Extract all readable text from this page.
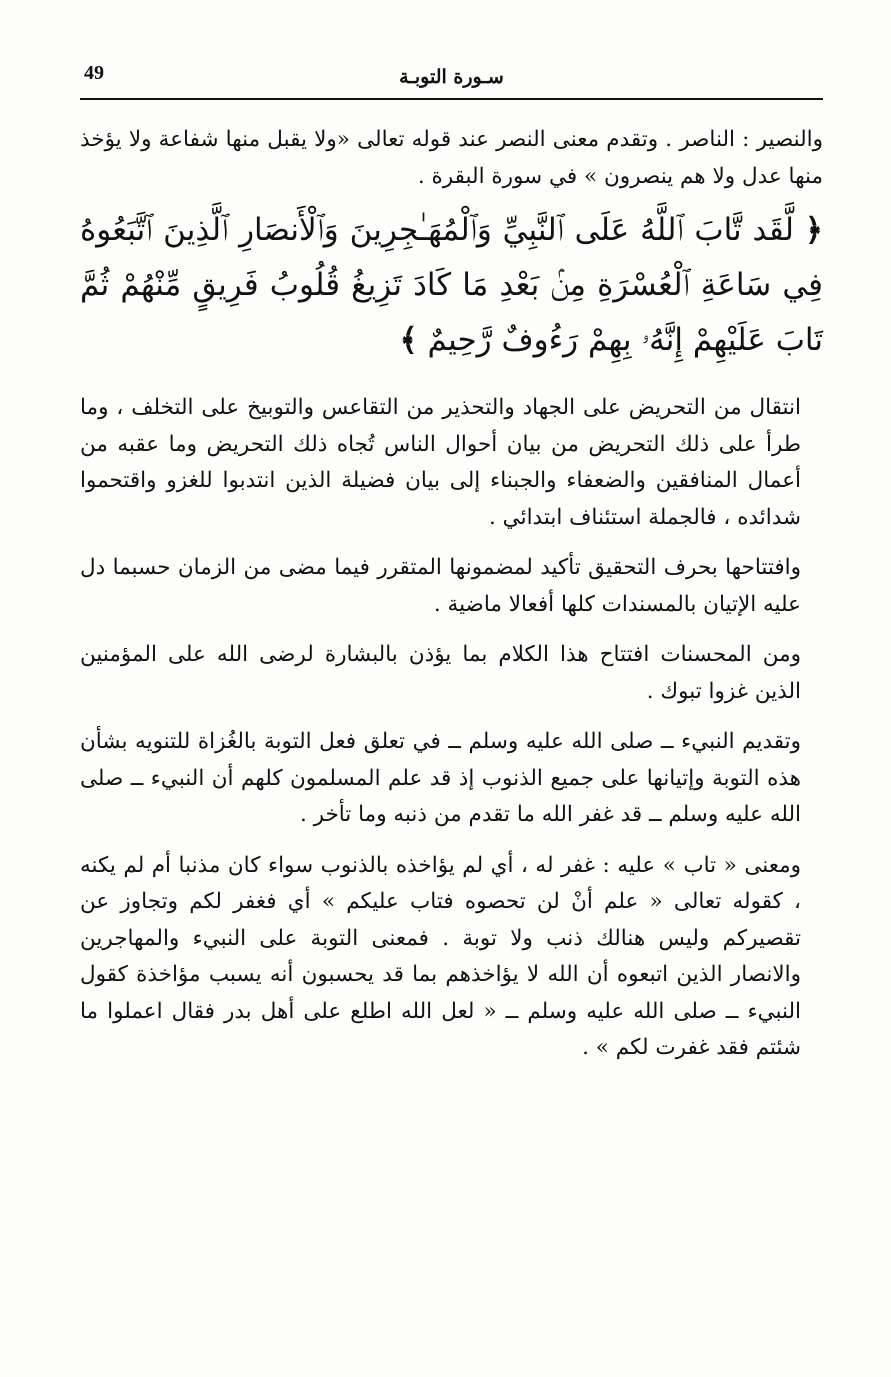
49	سـورة التوبـة

والنصير : الناصر . وتقدم معنى النصر عند قوله تعالى «ولا يقبل منها شفاعة ولا يؤخذ منها عدل ولا هم ينصرون » في سورة البقرة .

﴿ لَّقَد تَّابَ ٱللَّهُ عَلَى ٱلنَّبِيِّ وَٱلْمُهَـٰجِرِينَ وَٱلْأَنصَارِ ٱلَّذِينَ ٱتَّبَعُوهُ فِي سَاعَةِ ٱلْعُسْرَةِ مِنۢ بَعْدِ مَا كَادَ تَزِيغُ قُلُوبُ فَرِيقٍ مِّنْهُمْ ثُمَّ تَابَ عَلَيْهِمْ إِنَّهُۥ بِهِمْ رَءُوفٌ رَّحِيمٌ ﴾

انتقال من التحريض على الجهاد والتحذير من التقاعس والتوبيخ على التخلف ، وما طرأ على ذلك التحريض من بيان أحوال الناس تُجاه ذلك التحريض وما عقبه من أعمال المنافقين والضعفاء والجبناء إلى بيان فضيلة الذين انتدبوا للغزو واقتحموا شدائده ، فالجملة استئناف ابتدائي .

وافتتاحها بحرف التحقيق تأكيد لمضمونها المتقرر فيما مضى من الزمان حسبما دل عليه الإتيان بالمسندات كلها أفعالا ماضية .

ومن المحسنات افتتاح هذا الكلام بما يؤذن بالبشارة لرضى الله على المؤمنين الذين غزوا تبوك .

وتقديم النبيء ــ صلى الله عليه وسلم ــ في تعلق فعل التوبة بالغُزاة للتنويه بشأن هذه التوبة وإتيانها على جميع الذنوب إذ قد علم المسلمون كلهم أن النبيء ــ صلى الله عليه وسلم ــ قد غفر الله ما تقدم من ذنبه وما تأخر .

ومعنى « تاب » عليه : غفر له ، أي لم يؤاخذه بالذنوب سواء كان مذنبا أم لم يكنه ، كقوله تعالى « علم أنْ لن تحصوه فتاب عليكم » أي فغفر لكم وتجاوز عن تقصيركم وليس هنالك ذنب ولا توبة . فمعنى التوبة على النبيء والمهاجرين والانصار الذين اتبعوه أن الله لا يؤاخذهم بما قد يحسبون أنه يسبب مؤاخذة كقول النبيء ــ صلى الله عليه وسلم ــ « لعل الله اطلع على أهل بدر فقال اعملوا ما شئتم فقد غفرت لكم » .
